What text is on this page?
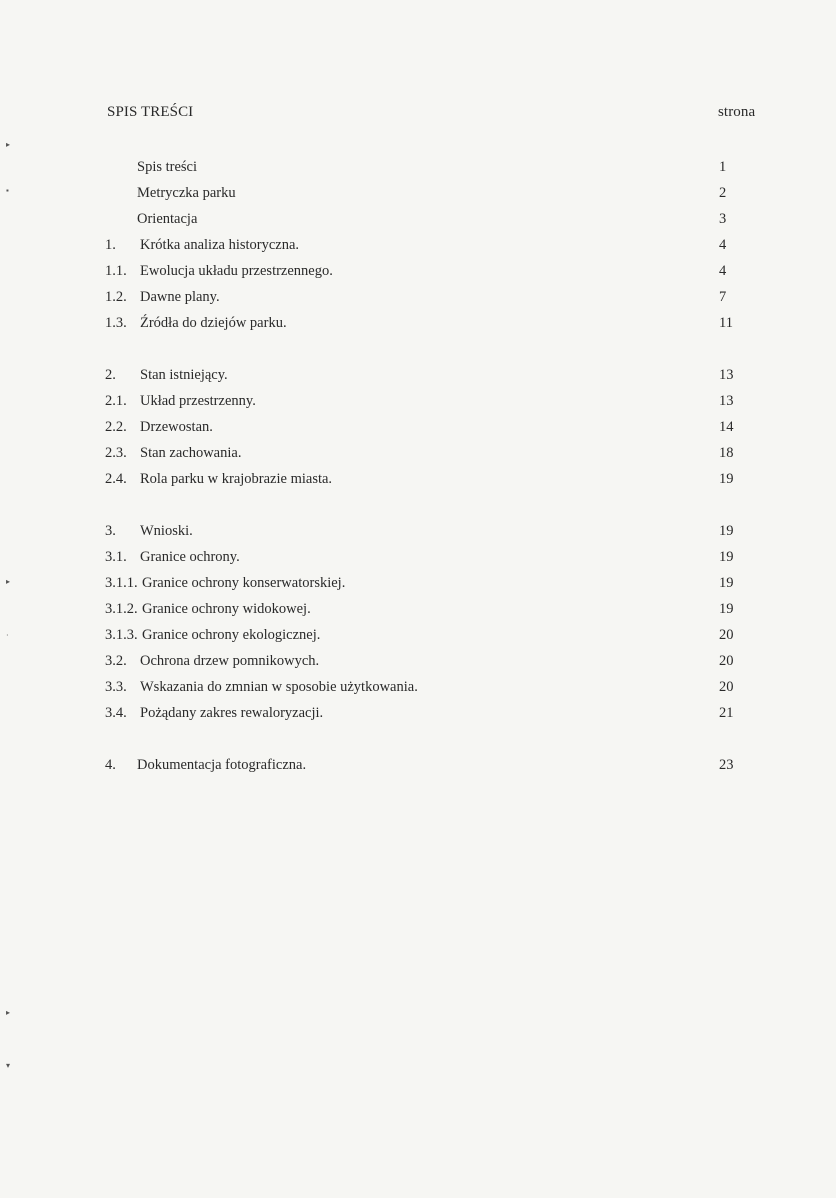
SPIS TREŚCI	strona
Spis treści	1
Metryczka parku	2
Orientacja	3
1. Krótka analiza historyczna.	4
1.1. Ewolucja układu przestrzennego.	4
1.2. Dawne plany.	7
1.3. Źródła do dziejów parku.	11
2. Stan istniejący.	13
2.1. Układ przestrzenny.	13
2.2. Drzewostan.	14
2.3. Stan zachowania.	18
2.4. Rola parku w krajobrazie miasta.	19
3. Wnioski.	19
3.1. Granice ochrony.	19
3.1.1. Granice ochrony konserwatorskiej.	19
3.1.2. Granice ochrony widokowej.	19
3.1.3. Granice ochrony ekologicznej.	20
3.2. Ochrona drzew pomnikowych.	20
3.3. Wskazania do zmnian w sposobie użytkowania.	20
3.4. Pożądany zakres rewaloryzacji.	21
4. Dokumentacja fotograficzna.	23
▸
▪
▸
·
▸
▾
